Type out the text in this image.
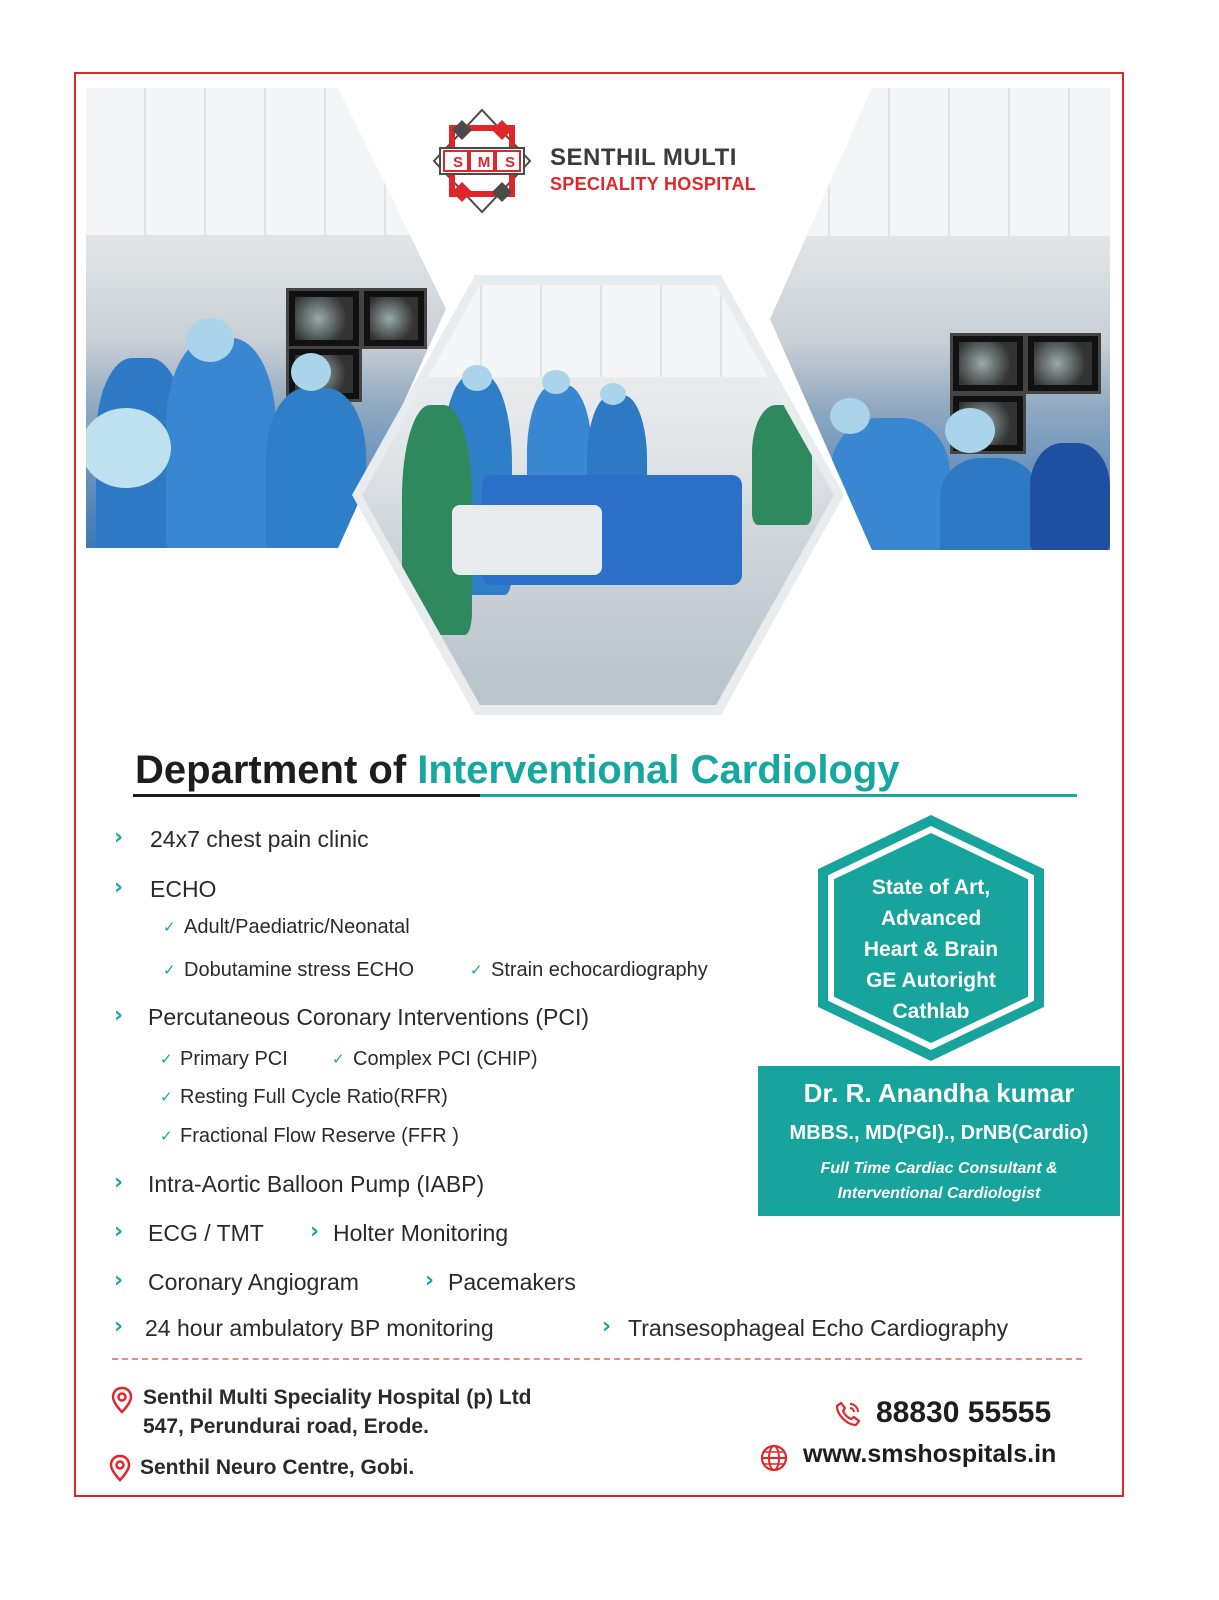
S M S SENTHIL MULTI
SPECIALITY HOSPITAL
Department of Interventional Cardiology
› 24x7 chest pain clinic
› ECHO
✓ Adult/Paediatric/Neonatal
✓ Dobutamine stress ECHO	✓ Strain echocardiography
› Percutaneous Coronary Interventions (PCI)
✓ Primary PCI	✓ Complex PCI (CHIP)
✓ Resting Full Cycle Ratio(RFR)
✓ Fractional Flow Reserve (FFR )
› Intra-Aortic Balloon Pump (IABP)
› ECG / TMT › Holter Monitoring
› Coronary Angiogram	› Pacemakers
› 24 hour ambulatory BP monitoring	› Transesophageal Echo Cardiography
State of Art,
Advanced
Heart & Brain
GE Autoright
Cathlab
Dr. R. Anandha kumar
MBBS., MD(PGI)., DrNB(Cardio)
Full Time Cardiac Consultant &
Interventional Cardiologist
Senthil Multi Speciality Hospital (p) Ltd
547, Perundurai road, Erode.
Senthil Neuro Centre, Gobi.
88830 55555
www.smshospitals.in
